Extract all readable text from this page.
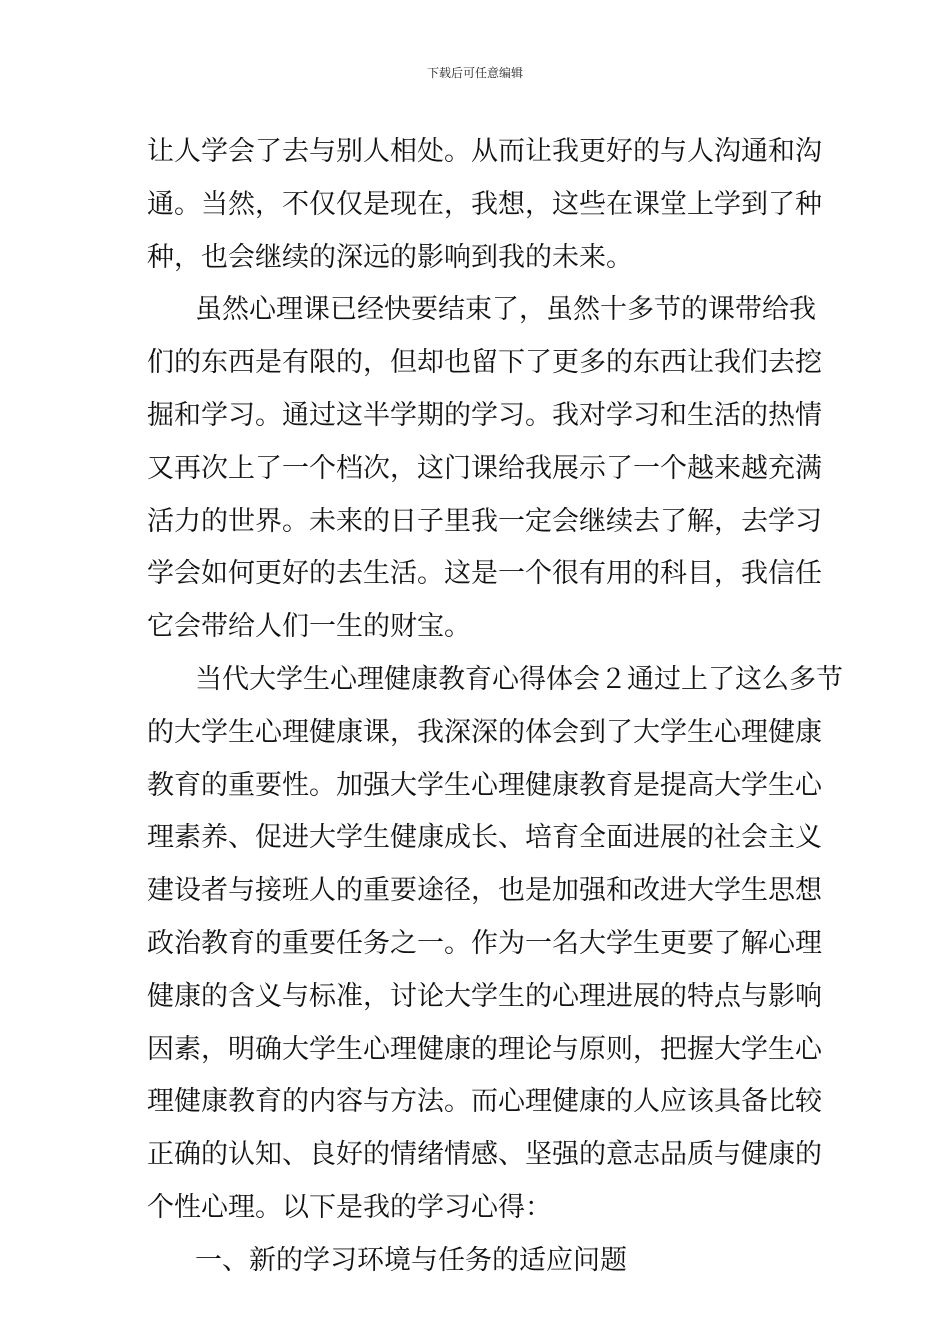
下载后可任意编辑
让人学会了去与别人相处。从而让我更好的与人沟通和沟
通。当然，不仅仅是现在，我想，这些在课堂上学到了种
种，也会继续的深远的影响到我的未来。
虽然心理课已经快要结束了，虽然十多节的课带给我
们的东西是有限的，但却也留下了更多的东西让我们去挖
掘和学习。通过这半学期的学习。我对学习和生活的热情
又再次上了一个档次，这门课给我展示了一个越来越充满
活力的世界。未来的日子里我一定会继续去了解，去学习
学会如何更好的去生活。这是一个很有用的科目，我信任
它会带给人们一生的财宝。
当代大学生心理健康教育心得体会２通过上了这么多节
的大学生心理健康课，我深深的体会到了大学生心理健康
教育的重要性。加强大学生心理健康教育是提高大学生心
理素养、促进大学生健康成长、培育全面进展的社会主义
建设者与接班人的重要途径，也是加强和改进大学生思想
政治教育的重要任务之一。作为一名大学生更要了解心理
健康的含义与标准，讨论大学生的心理进展的特点与影响
因素，明确大学生心理健康的理论与原则，把握大学生心
理健康教育的内容与方法。而心理健康的人应该具备比较
正确的认知、良好的情绪情感、坚强的意志品质与健康的
个性心理。以下是我的学习心得：
一、新的学习环境与任务的适应问题
